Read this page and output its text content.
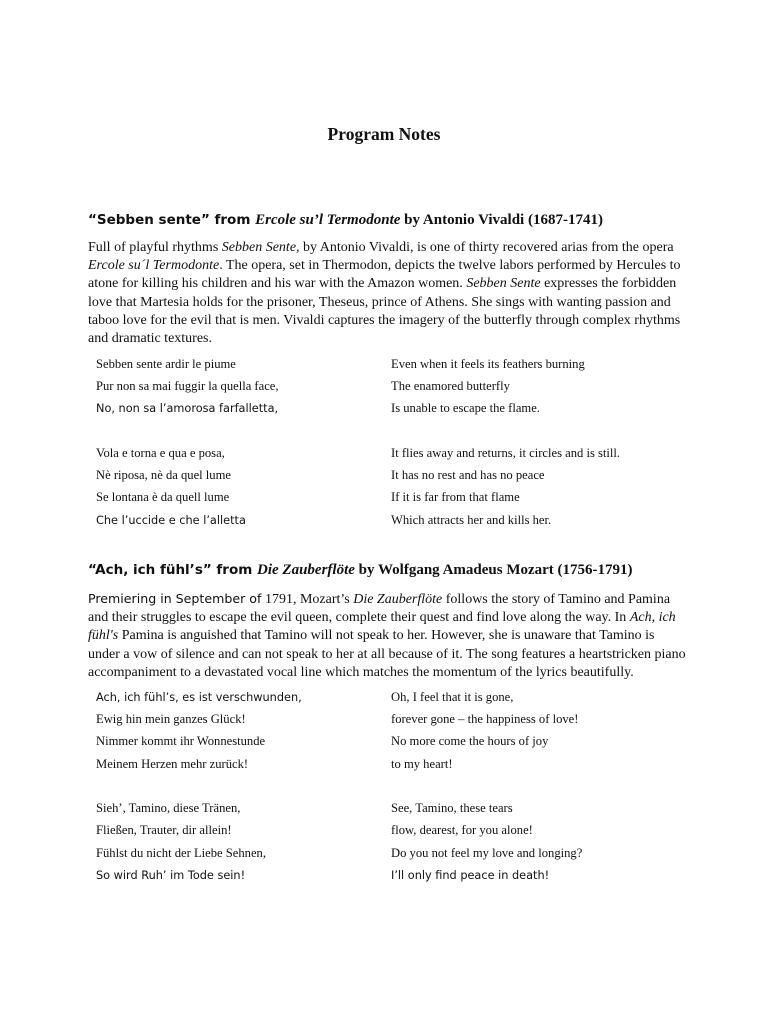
Program Notes
“Sebben sente” from Ercole su’l Termodonte by Antonio Vivaldi (1687-1741)

Full of playful rhythms Sebben Sente, by Antonio Vivaldi, is one of thirty recovered arias from the opera Ercole su´l Termodonte. The opera, set in Thermodon, depicts the twelve labors performed by Hercules to atone for killing his children and his war with the Amazon women. Sebben Sente expresses the forbidden love that Martesia holds for the prisoner, Theseus, prince of Athens. She sings with wanting passion and taboo love for the evil that is men. Vivaldi captures the imagery of the butterfly through complex rhythms and dramatic textures.

Sebben sente ardir le piume	Even when it feels its feathers burning
Pur non sa mai fuggir la quella face,	The enamored butterfly
No, non sa l’amorosa farfalletta,	Is unable to escape the flame.
Vola e torna e qua e posa,	It flies away and returns, it circles and is still.
Nè riposa, nè da quel lume	It has no rest and has no peace
Se lontana è da quell lume	If it is far from that flame
Che l’uccide e che l’alletta	Which attracts her and kills her.
“Ach, ich fühl’s” from Die Zauberflöte by Wolfgang Amadeus Mozart (1756-1791)

Premiering in September of 1791, Mozart’s Die Zauberflöte follows the story of Tamino and Pamina and their struggles to escape the evil queen, complete their quest and find love along the way. In Ach, ich fühl's Pamina is anguished that Tamino will not speak to her. However, she is unaware that Tamino is under a vow of silence and can not speak to her at all because of it. The song features a heartstricken piano accompaniment to a devastated vocal line which matches the momentum of the lyrics beautifully.

Ach, ich fühl’s, es ist verschwunden,	Oh, I feel that it is gone,
Ewig hin mein ganzes Glück!	forever gone – the happiness of love!
Nimmer kommt ihr Wonnestunde	No more come the hours of joy
Meinem Herzen mehr zurück!	to my heart!
Sieh’, Tamino, diese Tränen,	See, Tamino, these tears
Fließen, Trauter, dir allein!	flow, dearest, for you alone!
Fühlst du nicht der Liebe Sehnen,	Do you not feel my love and longing?
So wird Ruh’ im Tode sein!	I’ll only find peace in death!
